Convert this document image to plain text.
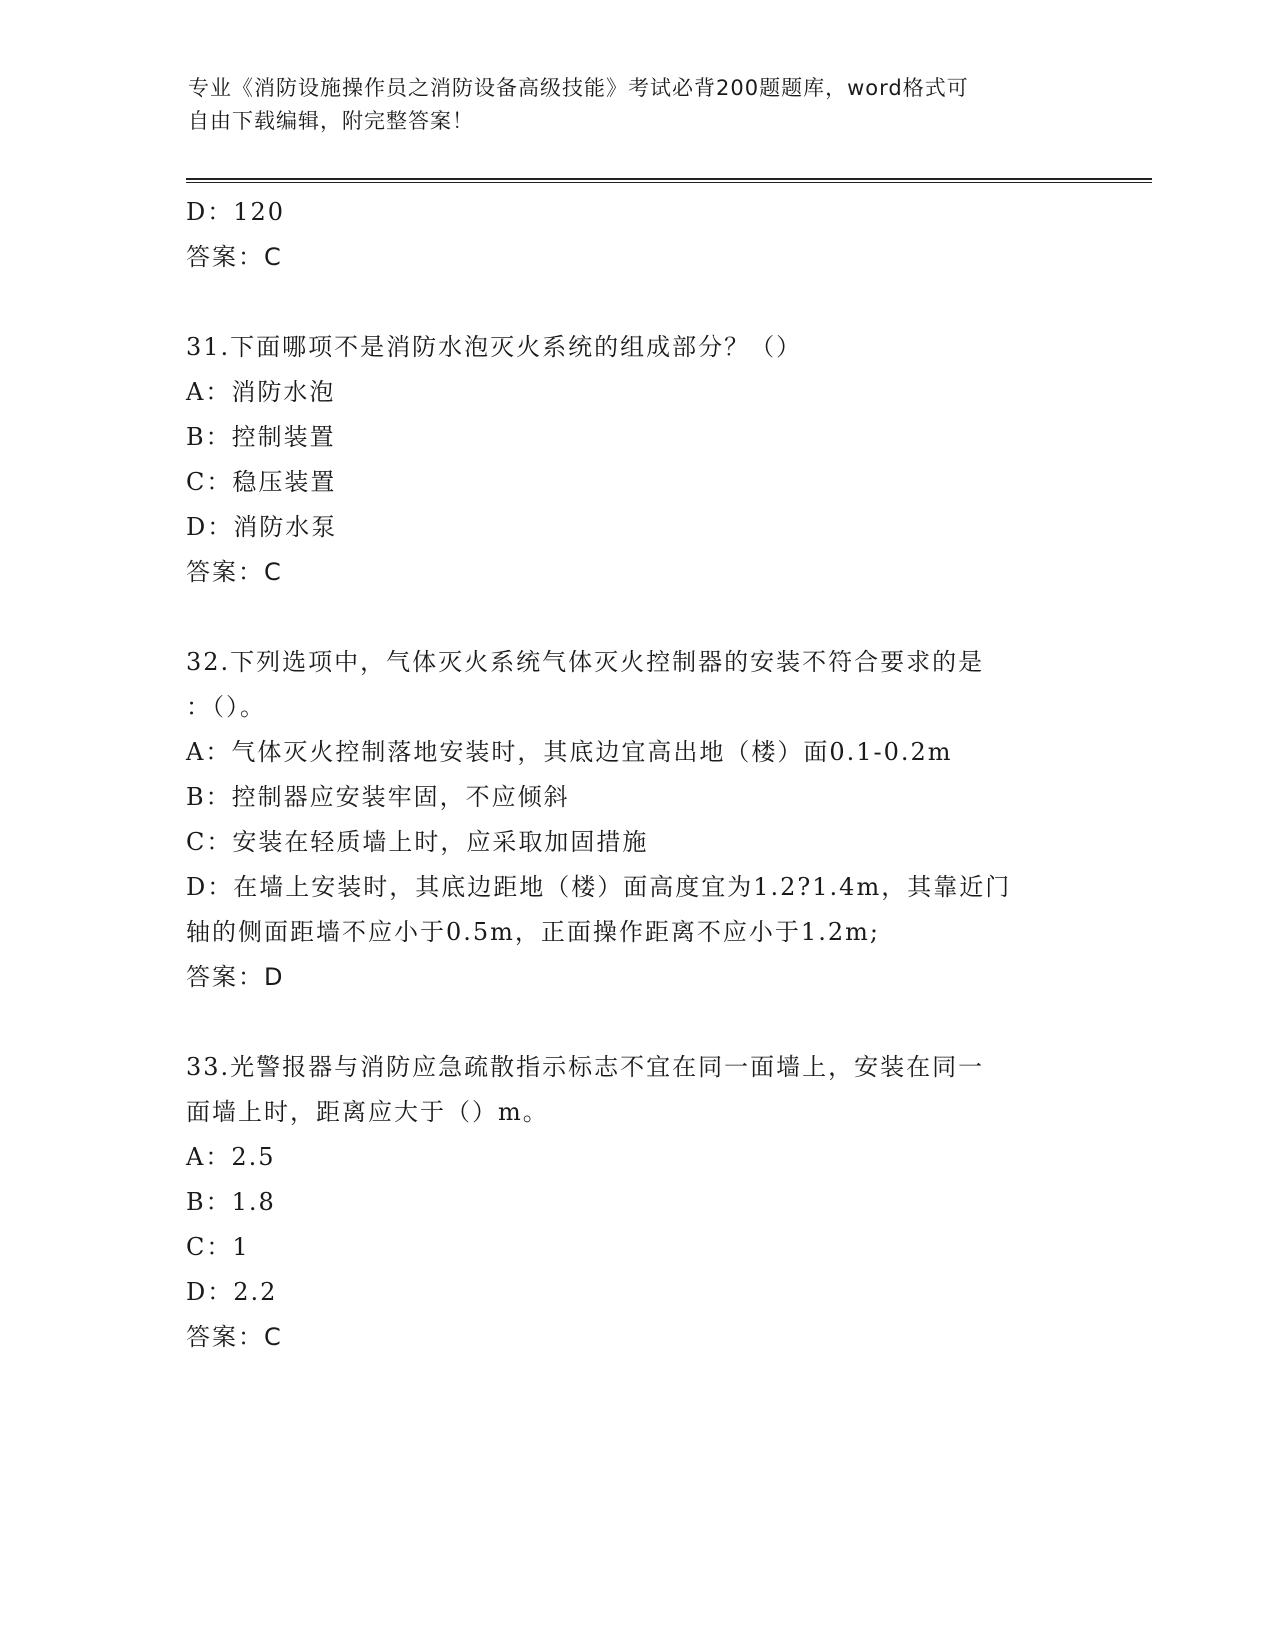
专业《消防设施操作员之消防设备高级技能》考试必背200题题库，word格式可
自由下载编辑，附完整答案！
D：120
答案：C
31.下面哪项不是消防水泡灭火系统的组成部分？（）
A：消防水泡
B：控制装置
C：稳压装置
D：消防水泵
答案：C
32.下列选项中，气体灭火系统气体灭火控制器的安装不符合要求的是
：（）。
A：气体灭火控制落地安装时，其底边宜高出地（楼）面0.1-0.2m
B：控制器应安装牢固，不应倾斜
C：安装在轻质墙上时，应采取加固措施
D：在墙上安装时，其底边距地（楼）面高度宜为1.2?1.4m，其靠近门
轴的侧面距墙不应小于0.5m，正面操作距离不应小于1.2m;
答案：D
33.光警报器与消防应急疏散指示标志不宜在同一面墙上，安装在同一
面墙上时，距离应大于（）m。
A：2.5
B：1.8
C：1
D：2.2
答案：C
